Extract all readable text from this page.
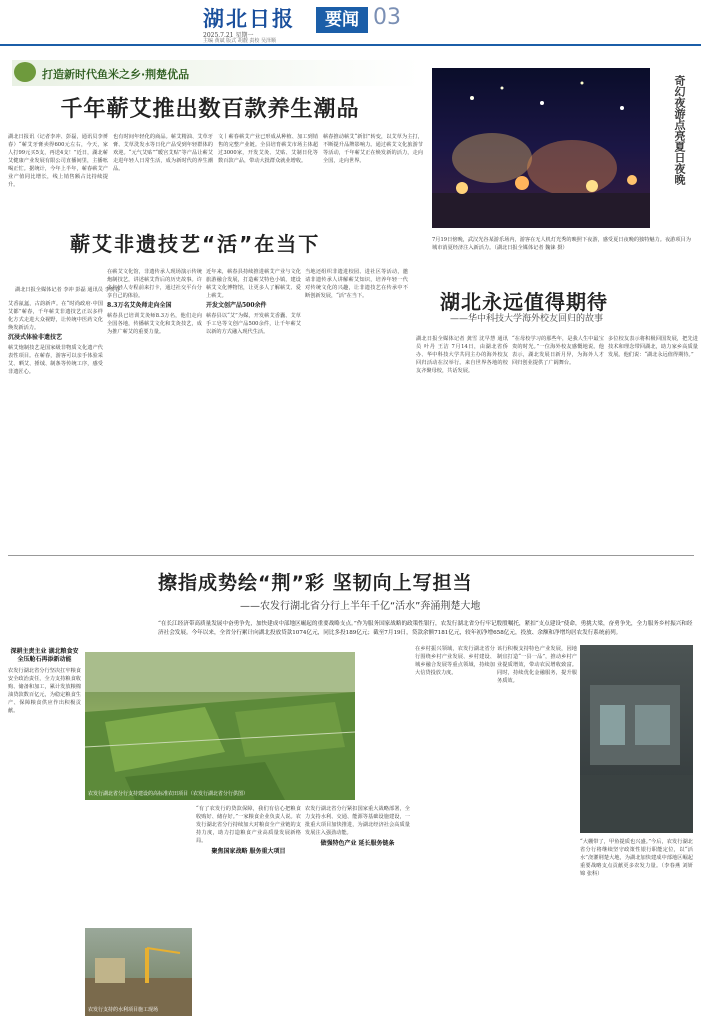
湖北日报
2025.7.21 星期一
主编 黄斌 版式 胡靓 责校 吴泽顺
要闻 03
打造新时代鱼米之乡·荆楚优品
千年蕲艾推出数百款养生潮品
湖北日报讯（记者李冲、彭磊，通讯员李赟春）“蕲艾牙膏卖得600元左右，今天，家人打99元买5支，再送4支！”近日，湖北蕲艾健康产业发展有限公司直播间里，主播吆喝正忙。据统计，今年上半年，蕲春蕲艾产业产值同比增长，线上销售额占比持续提升。
也有时间年轻化的商品。蕲艾精油、艾草牙膏、艾草洗发水等日化产品受到年轻群体的欢迎。“元气艾贴”“暖宫艾贴”等产品让蕲艾走进年轻人日常生活，成为新时代的养生潮品。
文丨蕲春蕲艾产业已形成从种植、加工到销售的完整产业链。全县培育蕲艾市场主体超过3000家，开发艾灸、艾贴、艾制日化等数百款产品，带动大批群众就业增收。
蕲春推动蕲艾“新旧”转变，以艾草为主打，不断提升品牌影响力。通过蕲艾文化旅游节等活动，千年蕲艾正在焕发新的活力，走向全国，走向世界。	奇幻夜游点亮夏日夜晚
7月19日傍晚，武汉光谷某游乐场内，游客在无人机灯光秀的映照下夜游，感受夏日夜晚的独特魅力。夜游项目为城市消夏经济注入新活力。（湖北日报全媒体记者 魏铼 摄）
蕲艾非遗技艺“活”在当下
湖北日报全媒体记者 李冲 彭磊 通讯员 李赟春
艾香氤氲，古韵新声。在“时尚政府·中国艾都”蕲春，千年蕲艾非遗技艺正以多样化方式走进大众视野，让传统中医药文化焕发新活力。
沉浸式体验非遗技艺
蕲艾炮制技艺是国家级非物质文化遗产代表性项目。在蕲春，游客可以亲手体验采艾、晒艾、捶绒、制条等传统工序，感受非遗匠心。
在蕲艾文化馆，非遗传承人现场演示传统炮制技艺，讲述蕲艾背后的历史故事。许多年轻人专程前来打卡，通过社交平台分享自己的体验。
8.3万名艾灸师走向全国
蕲春县已培训艾灸师8.3万名，他们走向全国各地，传播蕲艾文化和艾灸技艺，成为推广蕲艾的重要力量。
近年来，蕲春县持续推进蕲艾产业与文化旅游融合发展，打造蕲艾特色小镇，建设蕲艾文化博物馆，让更多人了解蕲艾、爱上蕲艾。
开发文创产品500余件
蕲春县以“艾”为媒，开发蕲艾香囊、艾草手工皂等文创产品500余件，让千年蕲艾以新的方式融入现代生活。
当地还组织非遗进校园、进社区等活动，邀请非遗传承人讲解蕲艾知识，培养年轻一代对传统文化的兴趣，让非遗技艺在传承中不断创新发展，“活”在当下。	湖北永远值得期待
——华中科技大学海外校友回归的故事
湖北日报全媒体记者 龚雪 沈早慧 通讯员 叶丹 王洁 7月14日，由湖北省侨办、华中科技大学共同主办的海外校友回归活动在汉举行。来自世界各地的校友齐聚母校，共话发展。
“在母校学习的那些年，是我人生中最宝贵的时光。”一位海外校友感慨地说。他表示，湖北发展日新月异，为海外人才回归创业提供了广阔舞台。
多位校友表示将积极回国发展，把先进技术和理念带回湖北，助力家乡高质量发展。他们说：“湖北永远值得期待。”
擦指成势绘“荆”彩 坚韧向上写担当
——农发行湖北省分行上半年千亿“活水”奔涌荆楚大地
“在长江经济带高质量发展中奋勇争先，加快建成中部地区崛起的重要战略支点。”作为服务国家战略的政策性银行，农发行湖北省分行牢记殷殷嘱托，紧扣“支点建设”使命，勇挑大梁，奋勇争先，全力服务乡村振兴和经济社会发展。今年以来，全省分行累计向湖北投放贷款1074亿元，同比多投189亿元；截至7月19日，贷款余额7181亿元，较年初净增658亿元，投放、余额和净增均居农发行系统前列。
深耕主责主业 湖北粮食安全压舱石再添新动能
农发行湖北省分行坚决扛牢粮食安全政治责任，全力支持粮食收购、储备和加工，累计发放粮棉油贷款数百亿元，为稳定粮食生产、保障粮食供应作出积极贡献。
农发行湖北省分行支持建设的高标准农田项目（农发行湖北省分行供图）
农发行支持的水利项目施工现场
“有了农发行的贷款保障，我们有信心把粮食收购好、储存好。”一家粮食企业负责人说。农发行湖北省分行持续加大对粮食全产业链的支持力度，助力打造粮食产业高质量发展新格局。
聚焦国家战略 服务重大项目
农发行湖北省分行紧扣国家重大战略部署，全力支持水利、交通、能源等基础设施建设，一批重大项目加快推进，为湖北经济社会高质量发展注入强劲动能。
做强特色产业 延长服务链条
在乡村振兴领域，农发行湖北省分行围绕乡村产业发展、乡村建设、城乡融合发展等重点领域，持续加大信贷投放力度。
该行积极支持特色产业发展，因地制宜打造“一县一品”，推动乡村产业提质增效，带动农民增收致富。同时，持续优化金融服务，提升服务质效。
“大棚带了，甲鱼提质也兴盛。”今后，农发行湖北省分行将继续坚守政策性银行职能定位，以“活水”浇灌荆楚大地，为湖北加快建成中部地区崛起重要战略支点贡献更多农发力量。（李春燕 刘妍锦 张科）
